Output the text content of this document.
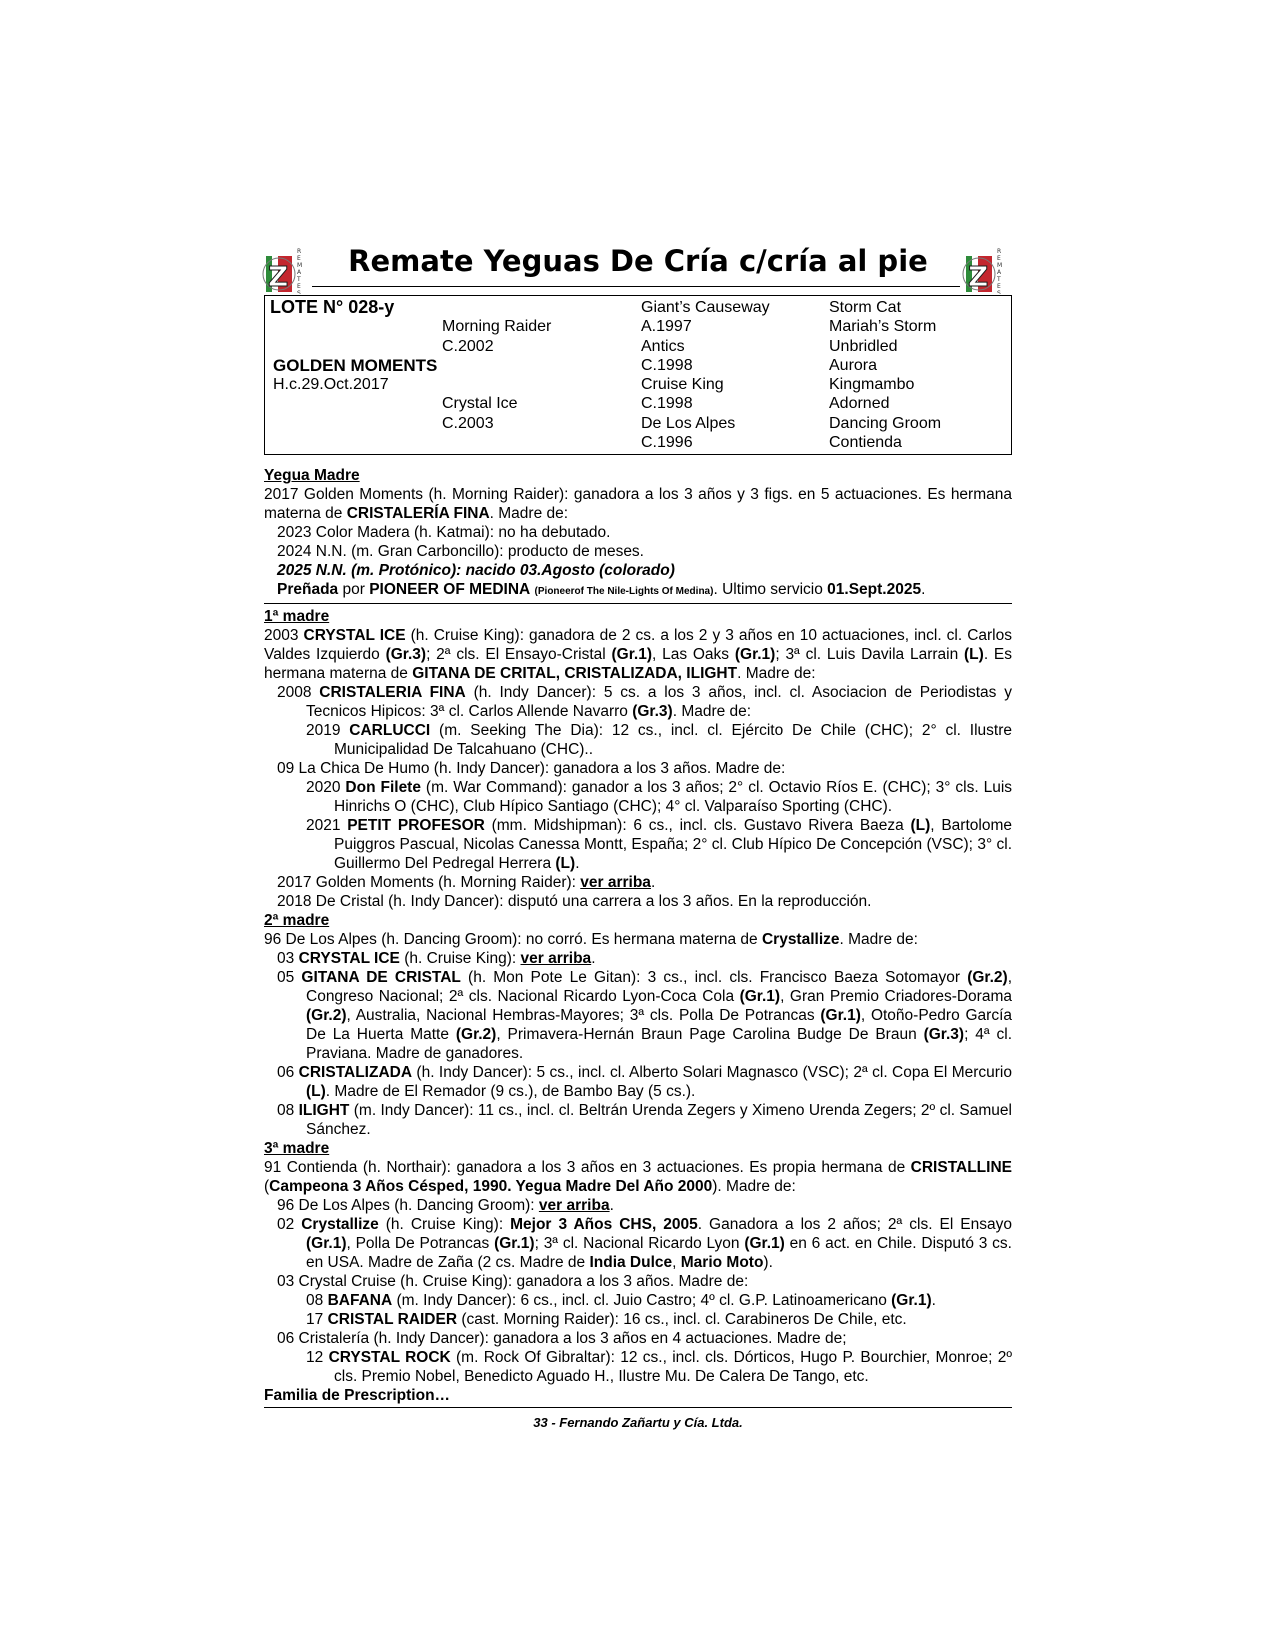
Z
R
E
M
A
T
E
S
Remate Yeguas De Cría c/cría al pie	Z
R
E
M
A
T
E
S
LOTE N° 028-y
GOLDEN MOMENTS
H.c.29.Oct.2017
Morning Raider
C.2002
Crystal Ice
C.2003
Giant’s Causeway
A.1997
Antics
C.1998
Cruise King
C.1998
De Los Alpes
C.1996
Storm Cat
Mariah’s Storm
Unbridled
Aurora
Kingmambo
Adorned
Dancing Groom
Contienda
Yegua Madre
2017 Golden Moments (h. Morning Raider): ganadora a los 3 años y 3 figs. en 5 actuaciones. Es hermana materna de CRISTALERÍA FINA. Madre de:
2023 Color Madera (h. Katmai): no ha debutado.
2024 N.N. (m. Gran Carboncillo): producto de meses.
2025 N.N. (m. Protónico): nacido 03.Agosto (colorado)
Preñada por PIONEER OF MEDINA (Pioneerof The Nile-Lights Of Medina). Ultimo servicio 01.Sept.2025.
1ª madre
2003 CRYSTAL ICE (h. Cruise King): ganadora de 2 cs. a los 2 y 3 años en 10 actuaciones, incl. cl. Carlos Valdes Izquierdo (Gr.3); 2ª cls. El Ensayo-Cristal (Gr.1), Las Oaks (Gr.1); 3ª cl. Luis Davila Larrain (L). Es hermana materna de GITANA DE CRITAL, CRISTALIZADA, ILIGHT. Madre de:
2008 CRISTALERIA FINA (h. Indy Dancer): 5 cs. a los 3 años, incl. cl. Asociacion de Periodistas y Tecnicos Hipicos: 3ª cl. Carlos Allende Navarro (Gr.3). Madre de:
2019 CARLUCCI (m. Seeking The Dia): 12 cs., incl. cl. Ejército De Chile (CHC); 2° cl. Ilustre Municipalidad De Talcahuano (CHC)..
09 La Chica De Humo (h. Indy Dancer): ganadora a los 3 años. Madre de:
2020 Don Filete (m. War Command): ganador a los 3 años; 2° cl. Octavio Ríos E. (CHC); 3° cls. Luis Hinrichs O (CHC), Club Hípico Santiago (CHC); 4° cl. Valparaíso Sporting (CHC).
2021 PETIT PROFESOR (mm. Midshipman): 6 cs., incl. cls. Gustavo Rivera Baeza (L), Bartolome Puiggros Pascual, Nicolas Canessa Montt, España; 2° cl. Club Hípico De Concepción (VSC); 3° cl. Guillermo Del Pedregal Herrera (L).
2017 Golden Moments (h. Morning Raider): ver arriba.
2018 De Cristal (h. Indy Dancer): disputó una carrera a los 3 años. En la reproducción.
2ª madre
96 De Los Alpes (h. Dancing Groom): no corró. Es hermana materna de Crystallize. Madre de:
03 CRYSTAL ICE (h. Cruise King): ver arriba.
05 GITANA DE CRISTAL (h. Mon Pote Le Gitan): 3 cs., incl. cls. Francisco Baeza Sotomayor (Gr.2), Congreso Nacional; 2ª cls. Nacional Ricardo Lyon-Coca Cola (Gr.1), Gran Premio Criadores-Dorama (Gr.2), Australia, Nacional Hembras-Mayores; 3ª cls. Polla De Potrancas (Gr.1), Otoño-Pedro García De La Huerta Matte (Gr.2), Primavera-Hernán Braun Page Carolina Budge De Braun (Gr.3); 4ª cl. Praviana. Madre de ganadores.
06 CRISTALIZADA (h. Indy Dancer): 5 cs., incl. cl. Alberto Solari Magnasco (VSC); 2ª cl. Copa El Mercurio (L). Madre de El Remador (9 cs.), de Bambo Bay (5 cs.).
08 ILIGHT (m. Indy Dancer): 11 cs., incl. cl. Beltrán Urenda Zegers y Ximeno Urenda Zegers; 2º cl. Samuel Sánchez.
3ª madre
91 Contienda (h. Northair): ganadora a los 3 años en 3 actuaciones. Es propia hermana de CRISTALLINE (Campeona 3 Años Césped, 1990. Yegua Madre Del Año 2000). Madre de:
96 De Los Alpes (h. Dancing Groom): ver arriba.
02 Crystallize (h. Cruise King): Mejor 3 Años CHS, 2005. Ganadora a los 2 años; 2ª cls. El Ensayo (Gr.1), Polla De Potrancas (Gr.1); 3ª cl. Nacional Ricardo Lyon (Gr.1) en 6 act. en Chile. Disputó 3 cs. en USA. Madre de Zaña (2 cs. Madre de India Dulce, Mario Moto).
03 Crystal Cruise (h. Cruise King): ganadora a los 3 años. Madre de:
08 BAFANA (m. Indy Dancer): 6 cs., incl. cl. Juio Castro; 4º cl. G.P. Latinoamericano (Gr.1).
17 CRISTAL RAIDER (cast. Morning Raider): 16 cs., incl. cl. Carabineros De Chile, etc.
06 Cristalería (h. Indy Dancer): ganadora a los 3 años en 4 actuaciones. Madre de;
12 CRYSTAL ROCK (m. Rock Of Gibraltar): 12 cs., incl. cls. Dórticos, Hugo P. Bourchier, Monroe; 2º cls. Premio Nobel, Benedicto Aguado H., Ilustre Mu. De Calera De Tango, etc.
Familia de Prescription…
33 - Fernando Zañartu y Cía. Ltda.
